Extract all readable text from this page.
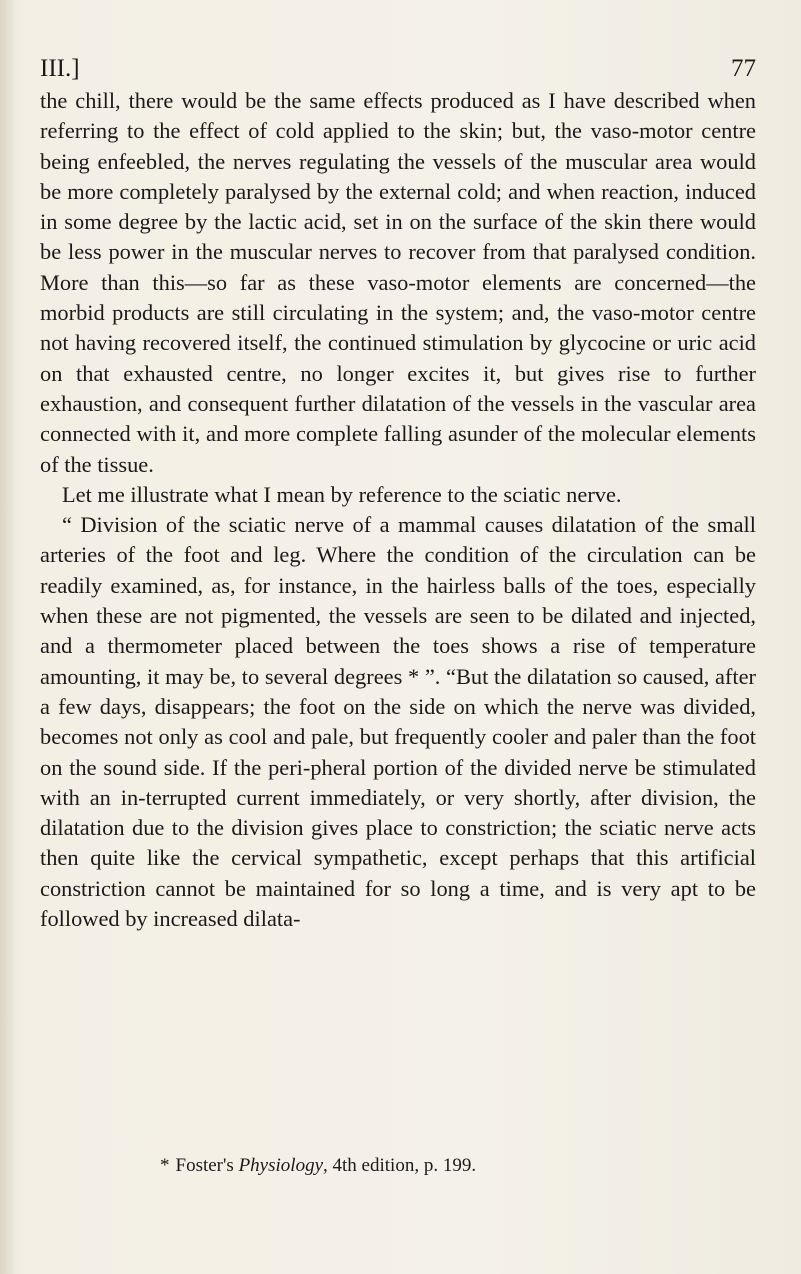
III.]	77

the chill, there would be the same effects produced as I have described when referring to the effect of cold applied to the skin; but, the vaso-motor centre being enfeebled, the nerves regulating the vessels of the muscular area would be more completely paralysed by the external cold; and when reaction, induced in some degree by the lactic acid, set in on the surface of the skin there would be less power in the muscular nerves to recover from that paralysed condition. More than this—so far as these vaso-motor elements are concerned—the morbid products are still circulating in the system; and, the vaso-motor centre not having recovered itself, the continued stimulation by glycocine or uric acid on that exhausted centre, no longer excites it, but gives rise to further exhaustion, and consequent further dilatation of the vessels in the vascular area connected with it, and more complete falling asunder of the molecular elements of the tissue.

Let me illustrate what I mean by reference to the sciatic nerve.

“ Division of the sciatic nerve of a mammal causes dilatation of the small arteries of the foot and leg. Where the condition of the circulation can be readily examined, as, for instance, in the hairless balls of the toes, especially when these are not pigmented, the vessels are seen to be dilated and injected, and a thermometer placed between the toes shows a rise of temperature amounting, it may be, to several degrees * ”. “But the dilatation so caused, after a few days, disappears; the foot on the side on which the nerve was divided, becomes not only as cool and pale, but frequently cooler and paler than the foot on the sound side. If the peri-pheral portion of the divided nerve be stimulated with an in-terrupted current immediately, or very shortly, after division, the dilatation due to the division gives place to constriction; the sciatic nerve acts then quite like the cervical sympathetic, except perhaps that this artificial constriction cannot be maintained for so long a time, and is very apt to be followed by increased dilata-

* Foster's Physiology, 4th edition, p. 199.
